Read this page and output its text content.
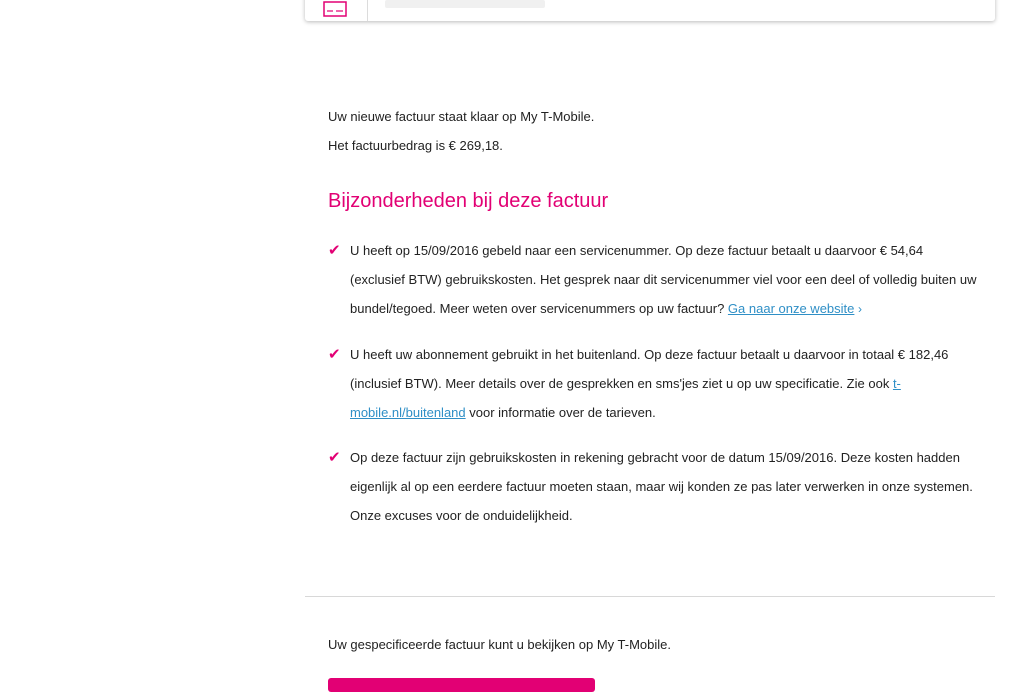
Uw nieuwe factuur staat klaar op My T-Mobile.

Het factuurbedrag is € 269,18.

Bijzonderheden bij deze factuur
✔ U heeft op 15/09/2016 gebeld naar een servicenummer. Op deze factuur betaalt u daarvoor € 54,64 (exclusief BTW) gebruikskosten. Het gesprek naar dit servicenummer viel voor een deel of volledig buiten uw bundel/tegoed. Meer weten over servicenummers op uw factuur? Ga naar onze website ›
✔ U heeft uw abonnement gebruikt in het buitenland. Op deze factuur betaalt u daarvoor in totaal € 182,46 (inclusief BTW). Meer details over de gesprekken en sms'jes ziet u op uw specificatie. Zie ook t-mobile.nl/buitenland voor informatie over de tarieven.
✔ Op deze factuur zijn gebruikskosten in rekening gebracht voor de datum 15/09/2016. Deze kosten hadden eigenlijk al op een eerdere factuur moeten staan, maar wij konden ze pas later verwerken in onze systemen. Onze excuses voor de onduidelijkheid.
Uw gespecificeerde factuur kunt u bekijken op My T-Mobile.
